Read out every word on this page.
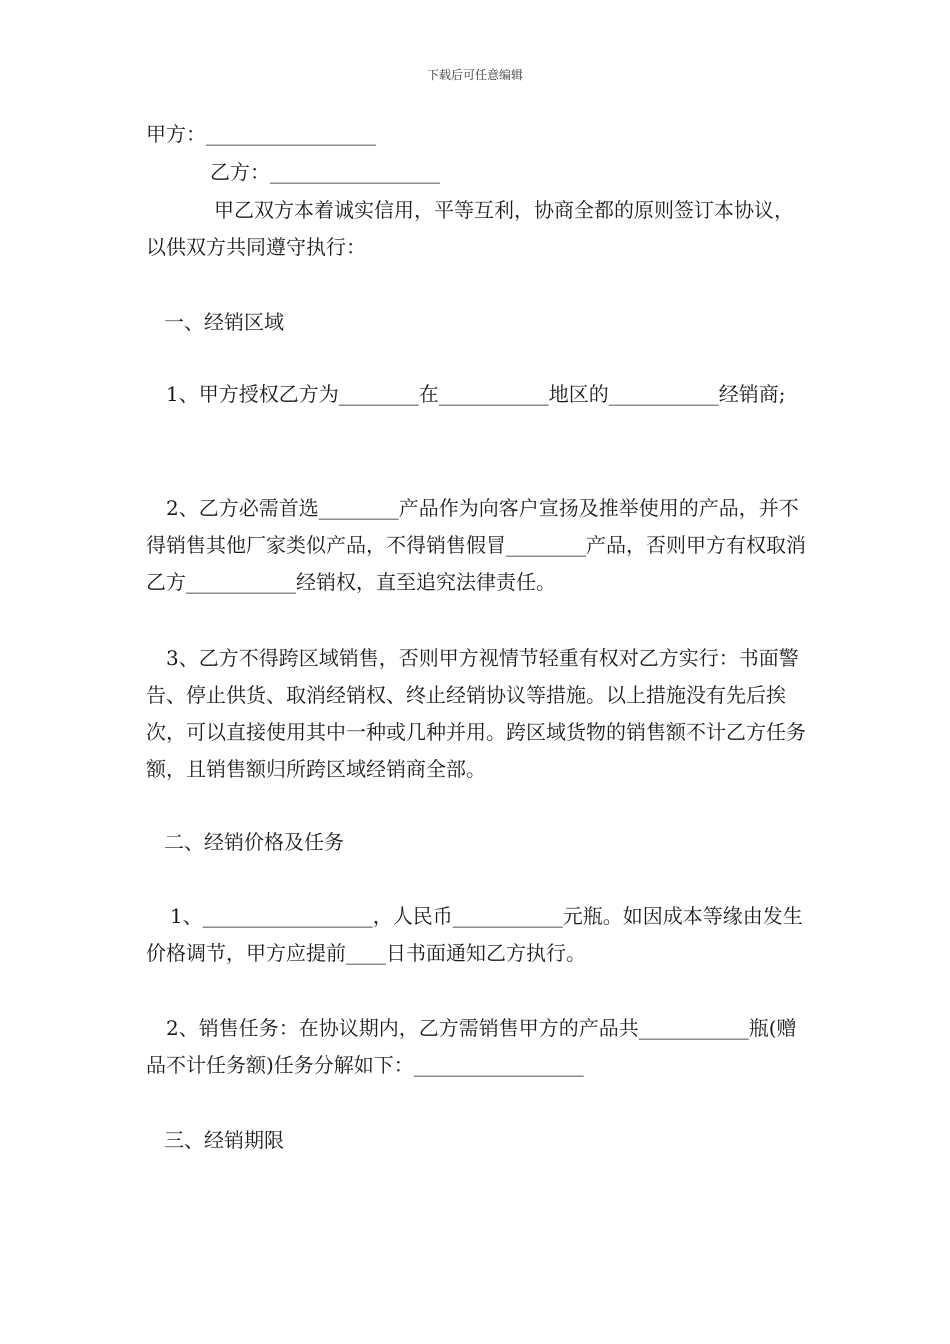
下载后可任意编辑
甲方：_________________
乙方：_________________
甲乙双方本着诚实信用，平等互利，协商全都的原则签订本协议，以供双方共同遵守执行：
一、经销区域
1、甲方授权乙方为________在___________地区的___________经销商;
2、乙方必需首选________产品作为向客户宣扬及推举使用的产品，并不得销售其他厂家类似产品，不得销售假冒________产品，否则甲方有权取消乙方___________经销权，直至追究法律责任。
3、乙方不得跨区域销售，否则甲方视情节轻重有权对乙方实行：书面警告、停止供货、取消经销权、终止经销协议等措施。以上措施没有先后挨次，可以直接使用其中一种或几种并用。跨区域货物的销售额不计乙方任务额，且销售额归所跨区域经销商全部。
二、经销价格及任务
1、_________________，人民币___________元瓶。如因成本等缘由发生价格调节，甲方应提前____日书面通知乙方执行。
2、销售任务：在协议期内，乙方需销售甲方的产品共___________瓶(赠品不计任务额)任务分解如下：_________________
三、经销期限
